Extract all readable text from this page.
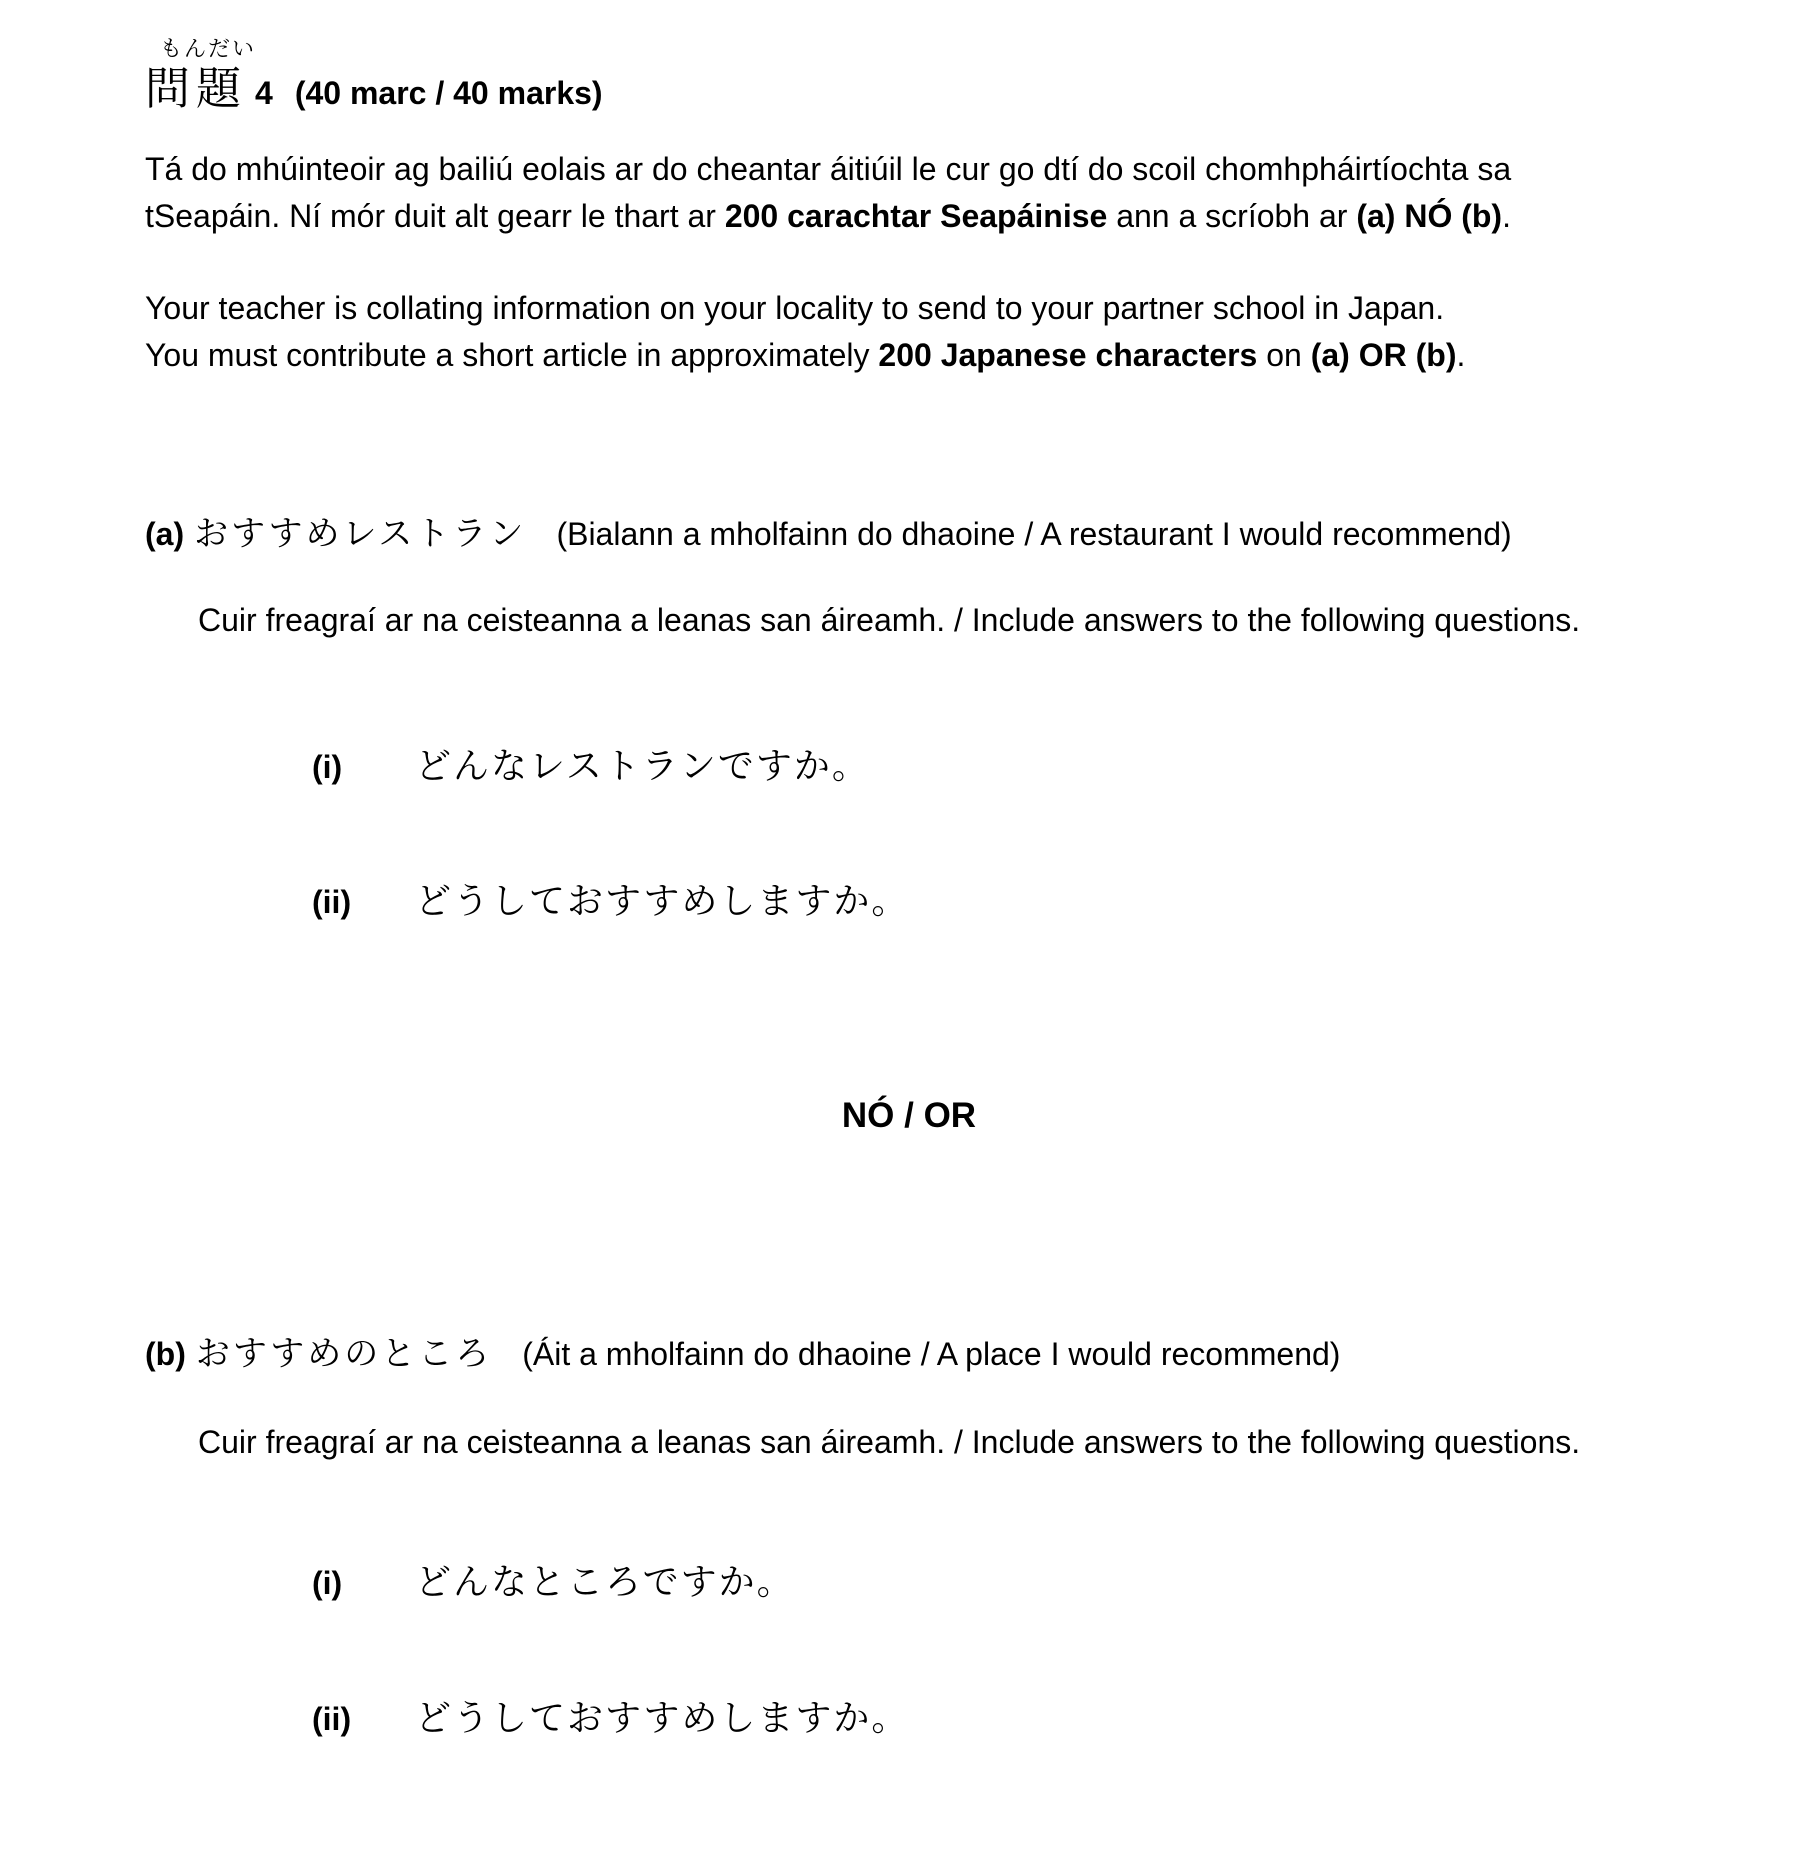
もんだい
問題 4 (40 marc / 40 marks)
Tá do mhúinteoir ag bailiú eolais ar do cheantar áitiúil le cur go dtí do scoil chomhpháirtíochta sa
tSeapáin. Ní mór duit alt gearr le thart ar 200 carachtar Seapáinise ann a scríobh ar (a) NÓ (b).
Your teacher is collating information on your locality to send to your partner school in Japan.
You must contribute a short article in approximately 200 Japanese characters on (a) OR (b).
(a) おすすめレストラン (Bialann a mholfainn do dhaoine / A restaurant I would recommend)
Cuir freagraí ar na ceisteanna a leanas san áireamh. / Include answers to the following questions.
(i) どんなレストランですか。
(ii) どうしておすすめしますか。
NÓ / OR
(b) おすすめのところ (Áit a mholfainn do dhaoine / A place I would recommend)
Cuir freagraí ar na ceisteanna a leanas san áireamh. / Include answers to the following questions.
(i) どんなところですか。
(ii) どうしておすすめしますか。
